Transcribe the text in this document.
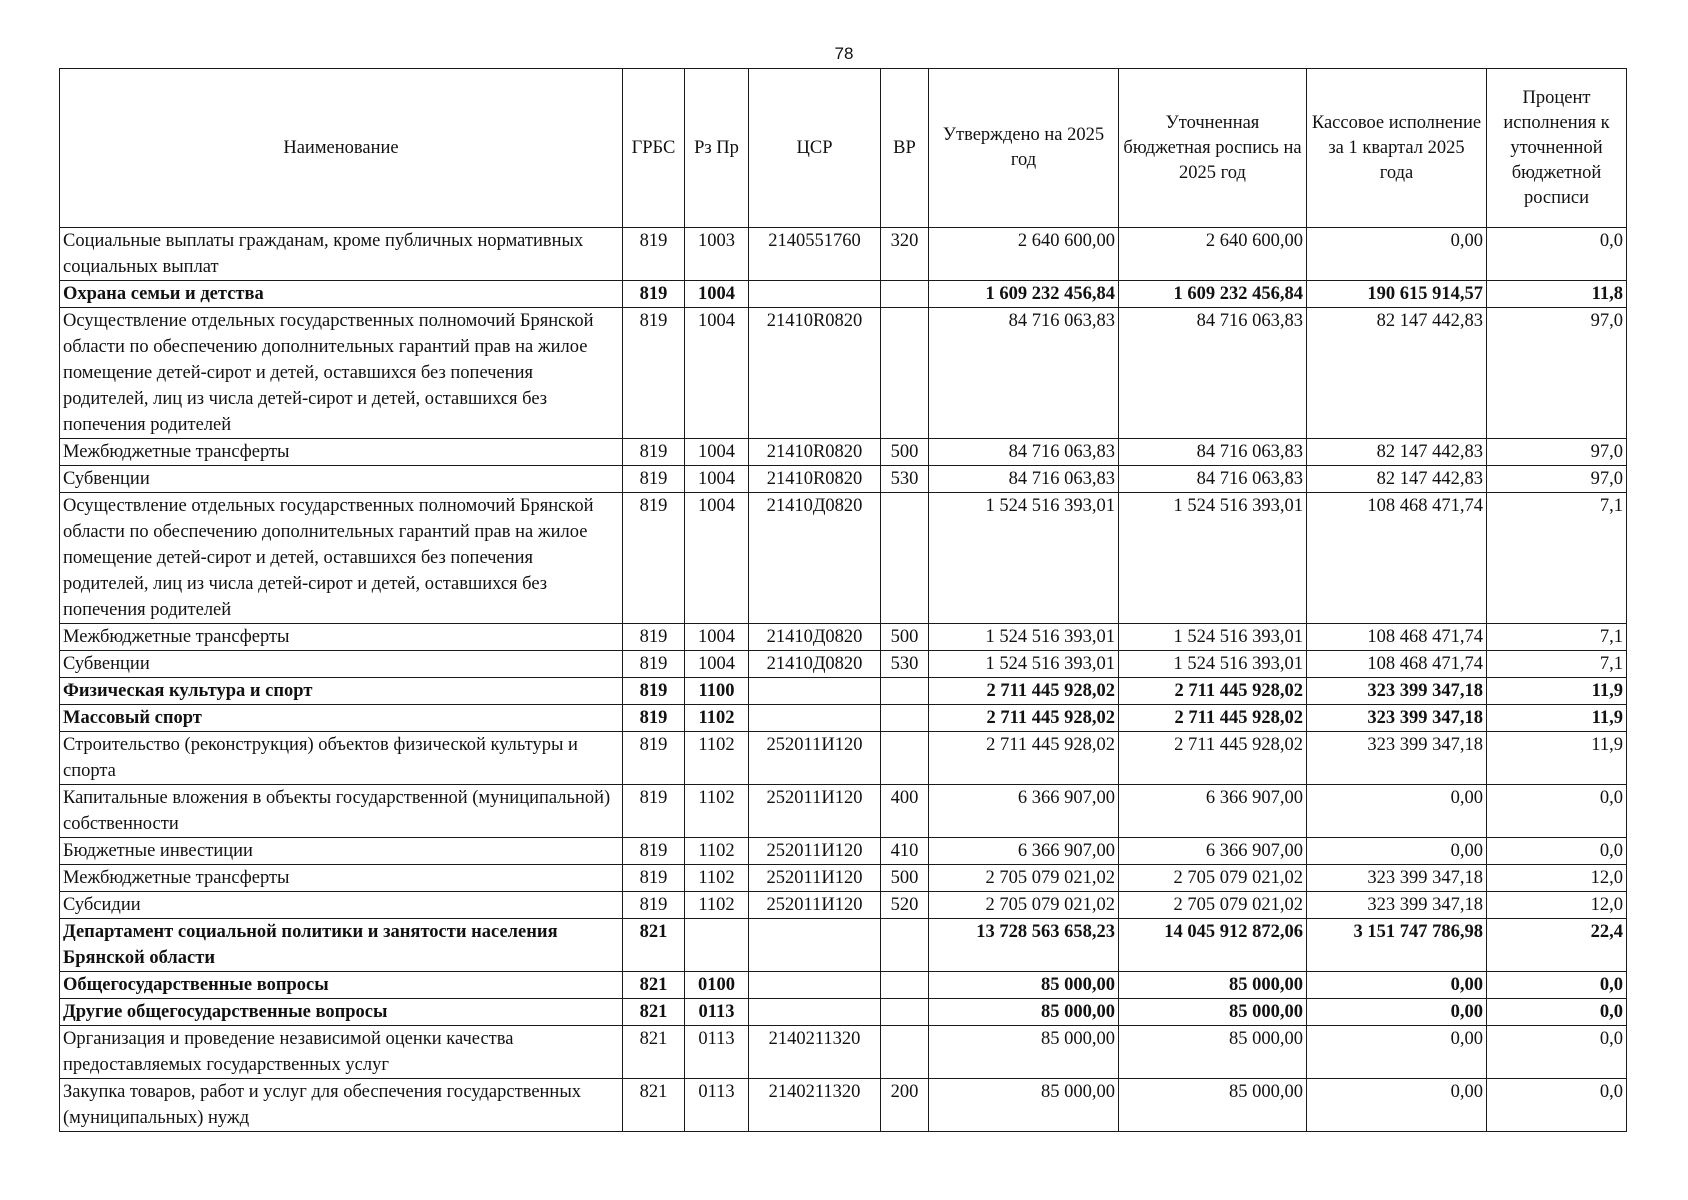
78
Наименование	ГРБС	Рз Пр	ЦСР	ВР	Утверждено на 2025 год	Уточненная бюджетная роспись на 2025 год	Кассовое исполнение за 1 квартал 2025 года	Процент исполнения к уточненной бюджетной росписи
Социальные выплаты гражданам, кроме публичных нормативных социальных выплат	819	1003	2140551760	320	2 640 600,00	2 640 600,00	0,00	0,0
Охрана семьи и детства	819	1004			1 609 232 456,84	1 609 232 456,84	190 615 914,57	11,8
Осуществление отдельных государственных полномочий Брянской области по обеспечению дополнительных гарантий прав на жилое помещение детей-сирот и детей, оставшихся без попечения родителей, лиц из числа детей-сирот и детей, оставшихся без попечения родителей	819	1004	21410R0820		84 716 063,83	84 716 063,83	82 147 442,83	97,0
Межбюджетные трансферты	819	1004	21410R0820	500	84 716 063,83	84 716 063,83	82 147 442,83	97,0
Субвенции	819	1004	21410R0820	530	84 716 063,83	84 716 063,83	82 147 442,83	97,0
Осуществление отдельных государственных полномочий Брянской области по обеспечению дополнительных гарантий прав на жилое помещение детей-сирот и детей, оставшихся без попечения родителей, лиц из числа детей-сирот и детей, оставшихся без попечения родителей	819	1004	21410Д0820		1 524 516 393,01	1 524 516 393,01	108 468 471,74	7,1
Межбюджетные трансферты	819	1004	21410Д0820	500	1 524 516 393,01	1 524 516 393,01	108 468 471,74	7,1
Субвенции	819	1004	21410Д0820	530	1 524 516 393,01	1 524 516 393,01	108 468 471,74	7,1
Физическая культура и спорт	819	1100			2 711 445 928,02	2 711 445 928,02	323 399 347,18	11,9
Массовый спорт	819	1102			2 711 445 928,02	2 711 445 928,02	323 399 347,18	11,9
Строительство (реконструкция) объектов физической культуры и спорта	819	1102	252011И120		2 711 445 928,02	2 711 445 928,02	323 399 347,18	11,9
Капитальные вложения в объекты государственной (муниципальной) собственности	819	1102	252011И120	400	6 366 907,00	6 366 907,00	0,00	0,0
Бюджетные инвестиции	819	1102	252011И120	410	6 366 907,00	6 366 907,00	0,00	0,0
Межбюджетные трансферты	819	1102	252011И120	500	2 705 079 021,02	2 705 079 021,02	323 399 347,18	12,0
Субсидии	819	1102	252011И120	520	2 705 079 021,02	2 705 079 021,02	323 399 347,18	12,0
Департамент социальной политики и занятости населения Брянской области	821				13 728 563 658,23	14 045 912 872,06	3 151 747 786,98	22,4
Общегосударственные вопросы	821	0100			85 000,00	85 000,00	0,00	0,0
Другие общегосударственные вопросы	821	0113			85 000,00	85 000,00	0,00	0,0
Организация и проведение независимой оценки качества предоставляемых государственных услуг	821	0113	2140211320		85 000,00	85 000,00	0,00	0,0
Закупка товаров, работ и услуг для обеспечения государственных (муниципальных) нужд	821	0113	2140211320	200	85 000,00	85 000,00	0,00	0,0
